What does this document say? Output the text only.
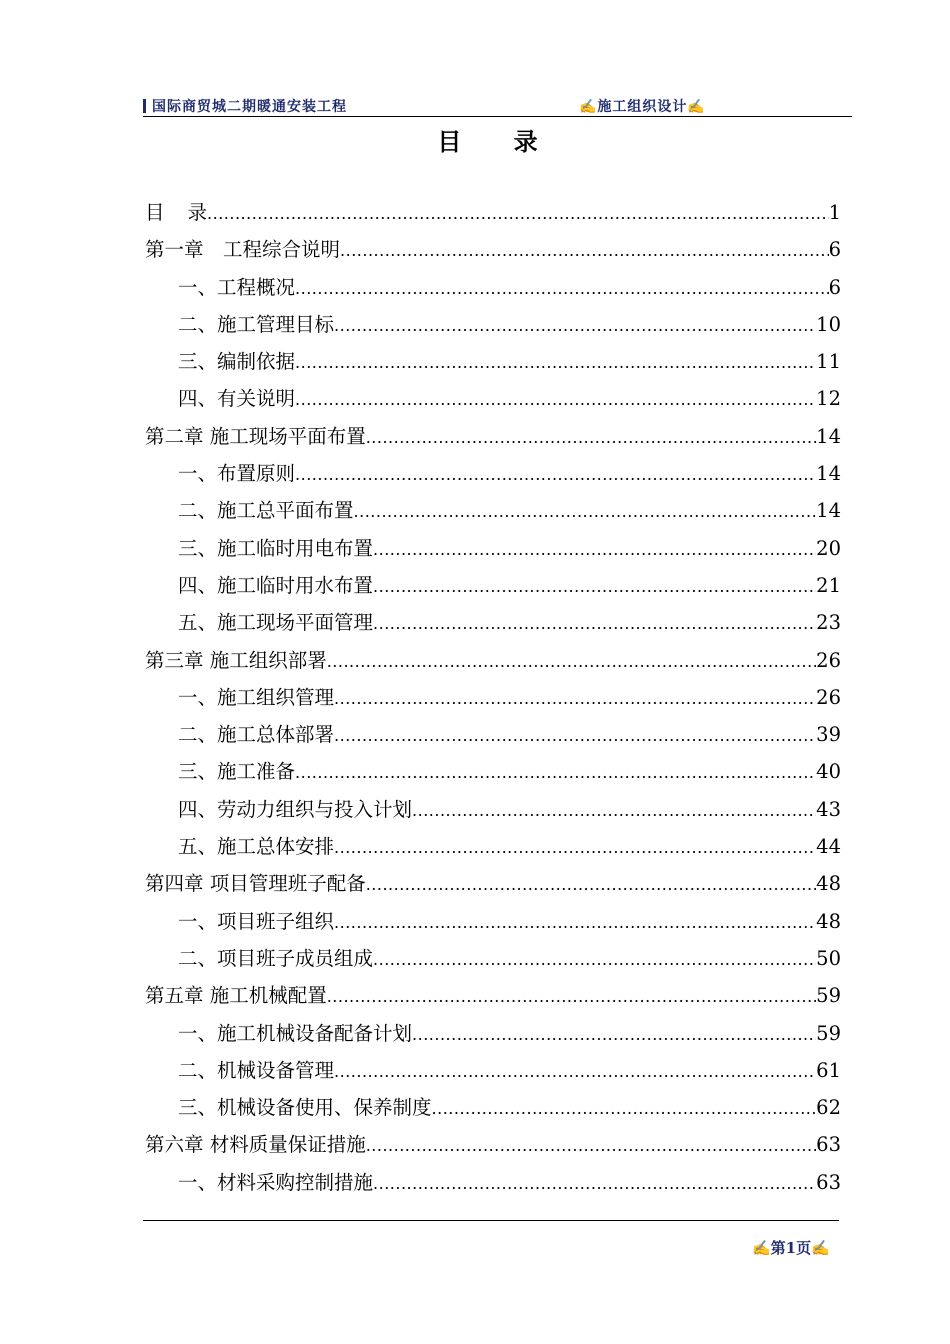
国际商贸城二期暖通安装工程	✍施工组织设计✍
目 录
目 录 .....	1
第一章　工程综合说明 .....	6
一、工程概况 .....	6
二、施工管理目标 .....	10
三、编制依据 .....	11
四、有关说明 .....	12
第二章 施工现场平面布置 .....	14
一、布置原则 .....	14
二、施工总平面布置 .....	14
三、施工临时用电布置 .....	20
四、施工临时用水布置 .....	21
五、施工现场平面管理 .....	23
第三章 施工组织部署 .....	26
一、施工组织管理 .....	26
二、施工总体部署 .....	39
三、施工准备 .....	40
四、劳动力组织与投入计划 .....	43
五、施工总体安排 .....	44
第四章 项目管理班子配备 .....	48
一、项目班子组织 .....	48
二、项目班子成员组成 .....	50
第五章 施工机械配置 .....	59
一、施工机械设备配备计划 .....	59
二、机械设备管理 .....	61
三、机械设备使用、保养制度 .....	62
第六章 材料质量保证措施 .....	63
一、材料采购控制措施 .....	63
✍第1页✍
